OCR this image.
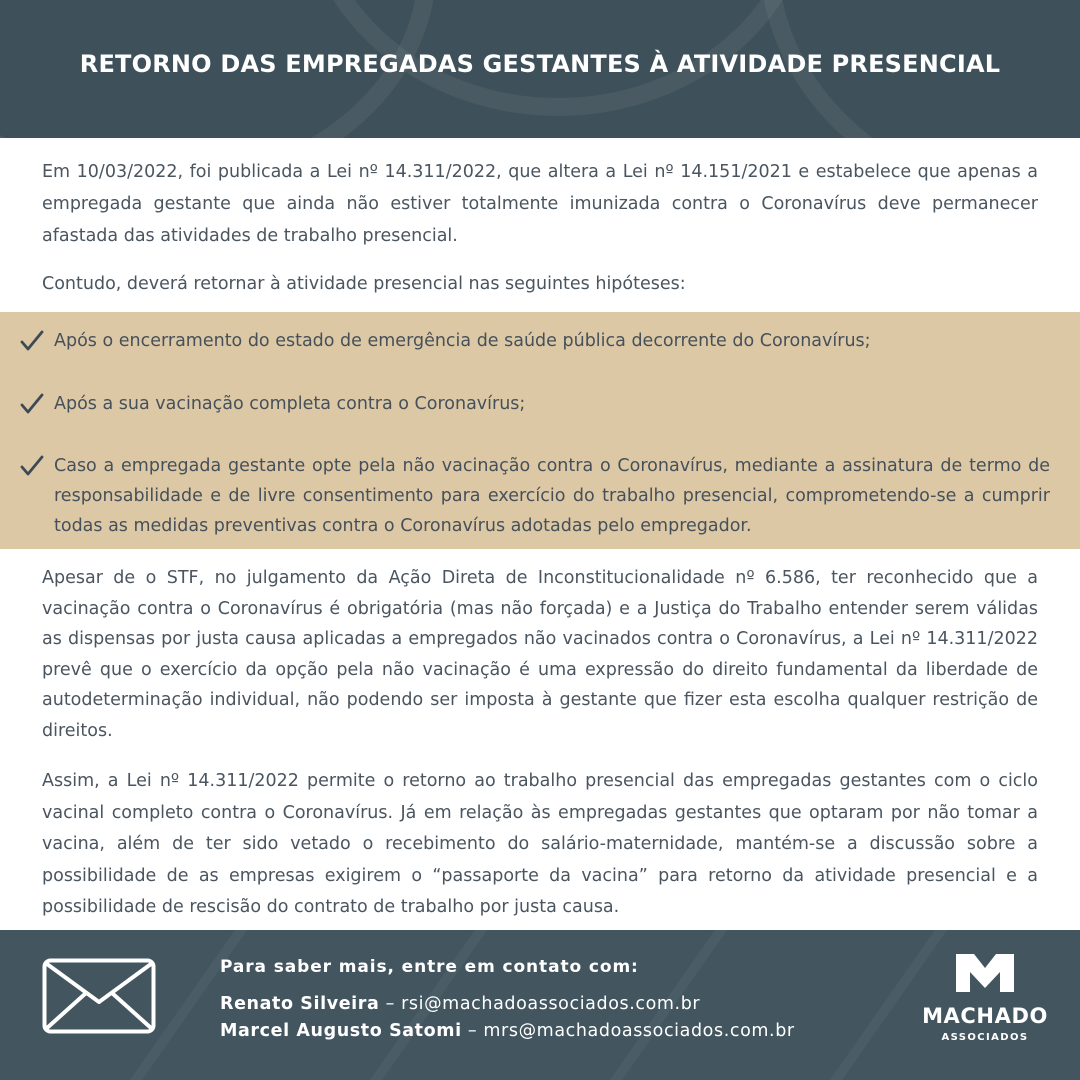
RETORNO DAS EMPREGADAS GESTANTES À ATIVIDADE PRESENCIAL

Em 10/03/2022, foi publicada a Lei nº 14.311/2022, que altera a Lei nº 14.151/2021 e estabelece que apenas a empregada gestante que ainda não estiver totalmente imunizada contra o Coronavírus deve permanecer afastada das atividades de trabalho presencial.

Contudo, deverá retornar à atividade presencial nas seguintes hipóteses:

Após o encerramento do estado de emergência de saúde pública decorrente do Coronavírus;

Após a sua vacinação completa contra o Coronavírus;

Caso a empregada gestante opte pela não vacinação contra o Coronavírus, mediante a assinatura de termo de responsabilidade e de livre consentimento para exercício do trabalho presencial, comprometendo-se a cumprir todas as medidas preventivas contra o Coronavírus adotadas pelo empregador.

Apesar de o STF, no julgamento da Ação Direta de Inconstitucionalidade nº 6.586, ter reconhecido que a vacinação contra o Coronavírus é obrigatória (mas não forçada) e a Justiça do Trabalho entender serem válidas as dispensas por justa causa aplicadas a empregados não vacinados contra o Coronavírus, a Lei nº 14.311/2022 prevê que o exercício da opção pela não vacinação é uma expressão do direito fundamental da liberdade de autodeterminação individual, não podendo ser imposta à gestante que fizer esta escolha qualquer restrição de direitos.

Assim, a Lei nº 14.311/2022 permite o retorno ao trabalho presencial das empregadas gestantes com o ciclo vacinal completo contra o Coronavírus. Já em relação às empregadas gestantes que optaram por não tomar a vacina, além de ter sido vetado o recebimento do salário-maternidade, mantém-se a discussão sobre a possibilidade de as empresas exigirem o “passaporte da vacina” para retorno da atividade presencial e a possibilidade de rescisão do contrato de trabalho por justa causa.

Para saber mais, entre em contato com:
Renato Silveira – rsi@machadoassociados.com.br
Marcel Augusto Satomi – mrs@machadoassociados.com.br
MACHADO
ASSOCIADOS
